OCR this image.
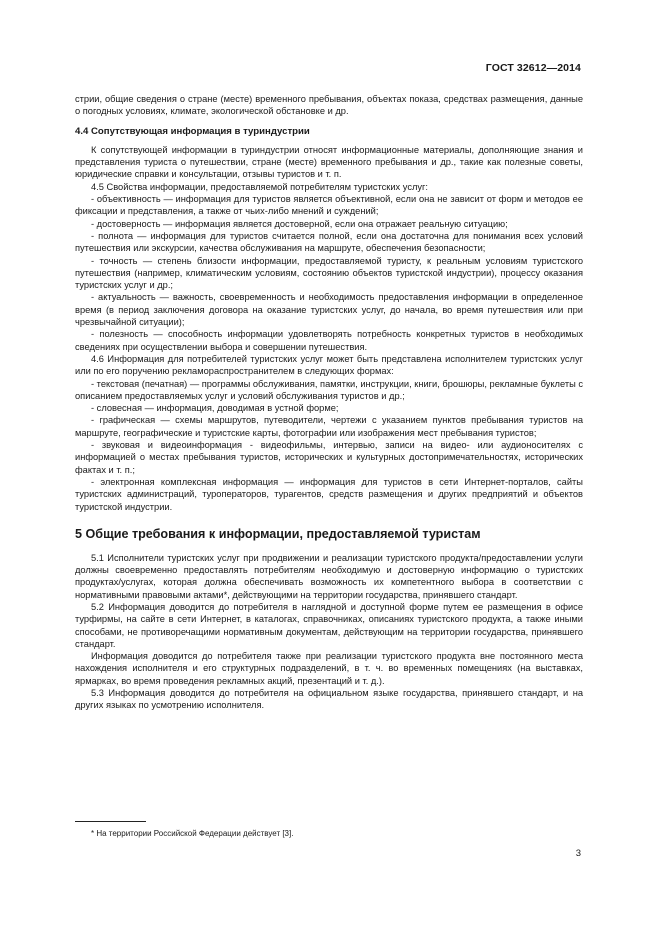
ГОСТ 32612—2014

стрии, общие сведения о стране (месте) временного пребывания, объектах показа, средствах размещения, данные о погодных условиях, климате, экологической обстановке и др.

4.4 Сопутствующая информация в туриндустрии

К сопутствующей информации в туриндустрии относят информационные материалы, дополняющие знания и представления туриста о путешествии, стране (месте) временного пребывания и др., такие как полезные советы, юридические справки и консультации, отзывы туристов и т. п.

4.5 Свойства информации, предоставляемой потребителям туристских услуг:

- объективность — информация для туристов является объективной, если она не зависит от форм и методов ее фиксации и представления, а также от чьих-либо мнений и суждений;

- достоверность — информация является достоверной, если она отражает реальную ситуацию;

- полнота — информация для туристов считается полной, если она достаточна для понимания всех условий путешествия или экскурсии, качества обслуживания на маршруте, обеспечения безопасности;

- точность — степень близости информации, предоставляемой туристу, к реальным условиям туристского путешествия (например, климатическим условиям, состоянию объектов туристской индустрии), процессу оказания туристских услуг и др.;

- актуальность — важность, своевременность и необходимость предоставления информации в определенное время (в период заключения договора на оказание туристских услуг, до начала, во время путешествия или при чрезвычайной ситуации);

- полезность — способность информации удовлетворять потребность конкретных туристов в необходимых сведениях при осуществлении выбора и совершении путешествия.

4.6 Информация для потребителей туристских услуг может быть представлена исполнителем туристских услуг или по его поручению рекламораспространителем в следующих формах:

- текстовая (печатная) — программы обслуживания, памятки, инструкции, книги, брошюры, рекламные буклеты с описанием предоставляемых услуг и условий обслуживания туристов и др.;

- словесная — информация, доводимая в устной форме;

- графическая — схемы маршрутов, путеводители, чертежи с указанием пунктов пребывания туристов на маршруте, географические и туристские карты, фотографии или изображения мест пребывания туристов;

- звуковая и видеоинформация - видеофильмы, интервью, записи на видео- или аудионосителях с информацией о местах пребывания туристов, исторических и культурных достопримечательностях, исторических фактах и т. п.;

- электронная комплексная информация — информация для туристов в сети Интернет-порталов, сайты туристских администраций, туроператоров, турагентов, средств размещения и других предприятий и объектов туристской индустрии.

5 Общие требования к информации, предоставляемой туристам

5.1 Исполнители туристских услуг при продвижении и реализации туристского продукта/предоставлении услуги должны своевременно предоставлять потребителям необходимую и достоверную информацию о туристских продуктах/услугах, которая должна обеспечивать возможность их компетентного выбора в соответствии с нормативными правовыми актами*, действующими на территории государства, принявшего стандарт.

5.2 Информация доводится до потребителя в наглядной и доступной форме путем ее размещения в офисе турфирмы, на сайте в сети Интернет, в каталогах, справочниках, описаниях туристского продукта, а также иными способами, не противоречащими нормативным документам, действующим на территории государства, принявшего стандарт.

Информация доводится до потребителя также при реализации туристского продукта вне постоянного места нахождения исполнителя и его структурных подразделений, в т. ч. во временных помещениях (на выставках, ярмарках, во время проведения рекламных акций, презентаций и т. д.).

5.3 Информация доводится до потребителя на официальном языке государства, принявшего стандарт, и на других языках по усмотрению исполнителя.

* На территории Российской Федерации действует [3].
3
